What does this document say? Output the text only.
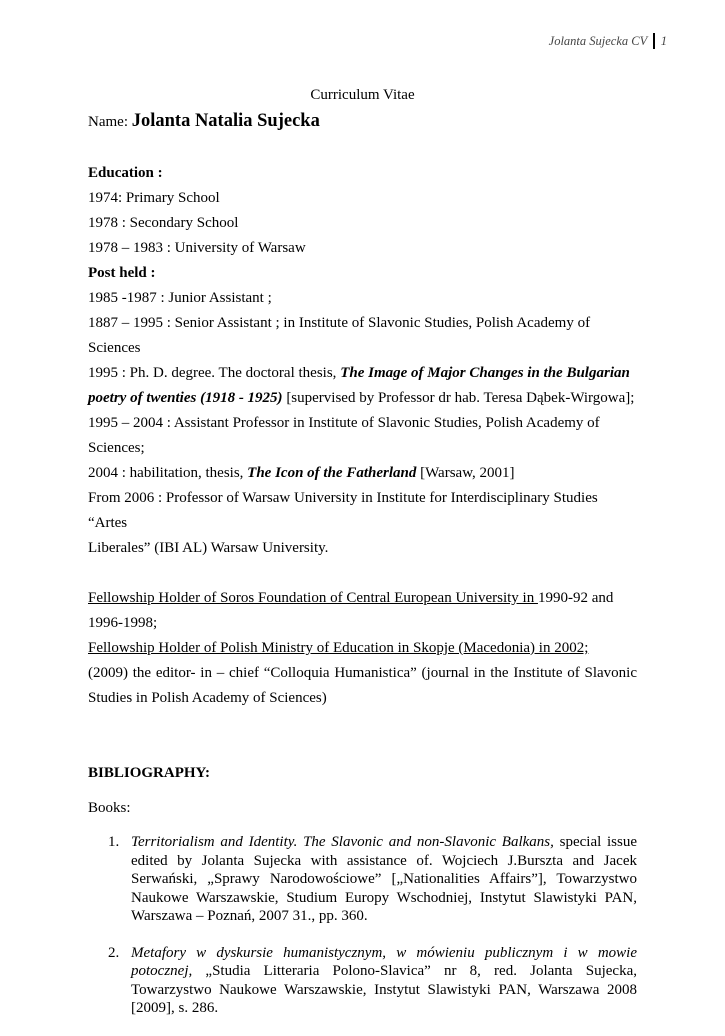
Jolanta Sujecka CV 1

Curriculum Vitae

Name: Jolanta Natalia Sujecka

Education :

1974: Primary School

1978 : Secondary School

1978 – 1983 : University of Warsaw

Post held :

1985 -1987 : Junior Assistant ;

1887 – 1995 : Senior Assistant ; in Institute of Slavonic Studies, Polish Academy of Sciences

1995 : Ph. D. degree. The doctoral thesis, The Image of Major Changes in the Bulgarian

poetry of twenties (1918 - 1925) [supervised by Professor dr hab. Teresa Dąbek-Wirgowa];

1995 – 2004 : Assistant Professor in Institute of Slavonic Studies, Polish Academy of

Sciences;

2004 : habilitation, thesis, The Icon of the Fatherland [Warsaw, 2001]

From 2006 : Professor of Warsaw University in Institute for Interdisciplinary Studies “Artes

Liberales” (IBI AL) Warsaw University.

Fellowship Holder of Soros Foundation of Central European University in 1990-92 and

1996-1998;

Fellowship Holder of Polish Ministry of Education in Skopje (Macedonia) in 2002;

(2009) the editor- in – chief “Colloquia Humanistica” (journal in the Institute of Slavonic

Studies in Polish Academy of Sciences)

BIBLIOGRAPHY:

Books:

1. Territorialism and Identity. The Slavonic and non-Slavonic Balkans, special issue edited by Jolanta Sujecka with assistance of. Wojciech J.Burszta and Jacek Serwański, „Sprawy Narodowościowe” [„Nationalities Affairs”], Towarzystwo Naukowe Warszawskie, Studium Europy Wschodniej, Instytut Slawistyki PAN, Warszawa – Poznań, 2007 31., pp. 360.
2. Metafory w dyskursie humanistycznym, w mówieniu publicznym i w mowie potocznej, „Studia Litteraria Polono-Slavica” nr 8, red. Jolanta Sujecka, Towarzystwo Naukowe Warszawskie, Instytut Slawistyki PAN, Warszawa 2008 [2009], s. 286.
